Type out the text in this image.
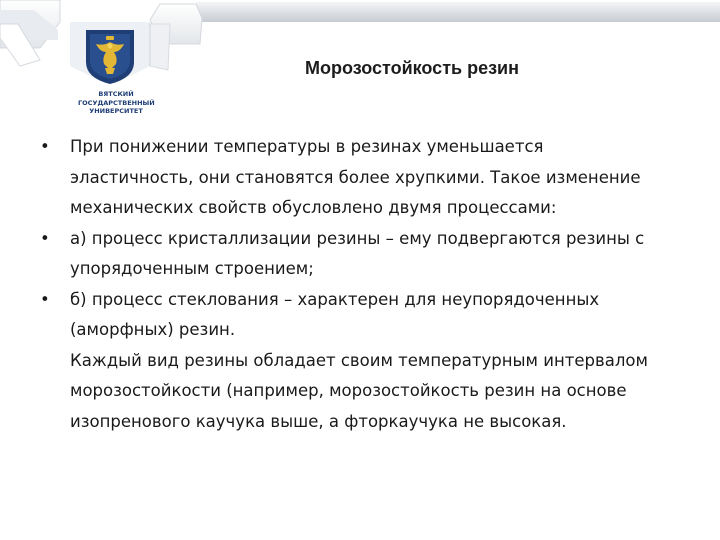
ВЯТСКИЙ
ГОСУДАРСТВЕННЫЙ
УНИВЕРСИТЕТ
Морозостойкость резин
•	При понижении температуры в резинах уменьшается эластичность, они становятся более хрупкими. Такое изменение механических свойств обусловлено двумя процессами:
•	а) процесс кристаллизации резины – ему подвергаются резины с упорядоченным строением;
•	б) процесс стеклования – характерен для неупорядоченных (аморфных) резин.
Каждый вид резины обладает своим температурным интервалом морозостойкости (например, морозостойкость резин на основе изопренового каучука выше, а фторкаучука не высокая.
